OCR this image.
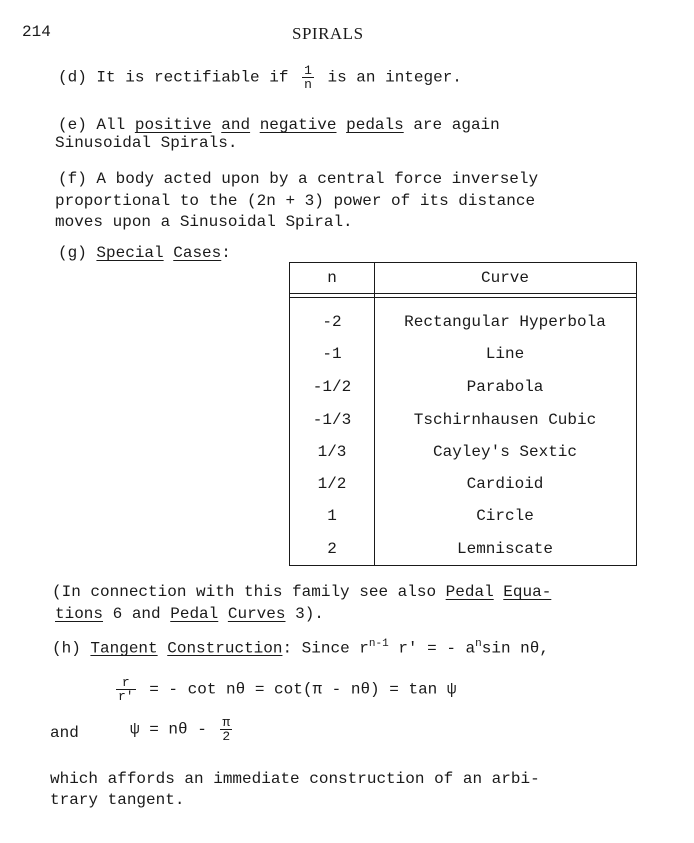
214	SPIRALS
(d) It is rectifiable if $\frac{1}{n}$ is an integer.
(e) All positive and negative pedals are again
Sinusoidal Spirals.
(f) A body acted upon by a central force inversely
proportional to the (2n + 3) power of its distance
moves upon a Sinusoidal Spiral.
(g) Special Cases:
n	Curve
-2	Rectangular Hyperbola
-1	Line
-1/2	Parabola
-1/3	Tschirnhausen Cubic
1/3	Cayley's Sextic
1/2	Cardioid
1	Circle
2	Lemniscate
(In connection with this family see also Pedal Equa-
tions 6 and Pedal Curves 3).
(h) Tangent Construction: Since $r^{n-1}$ r' = - $a^n\sin$ nθ,
$\frac{r}{r'}$ = - cot nθ = cot(π - nθ) = tan ψ
and	$\psi = n\theta - \frac{\pi}{2}$
which affords an immediate construction of an arbi-
trary tangent.
